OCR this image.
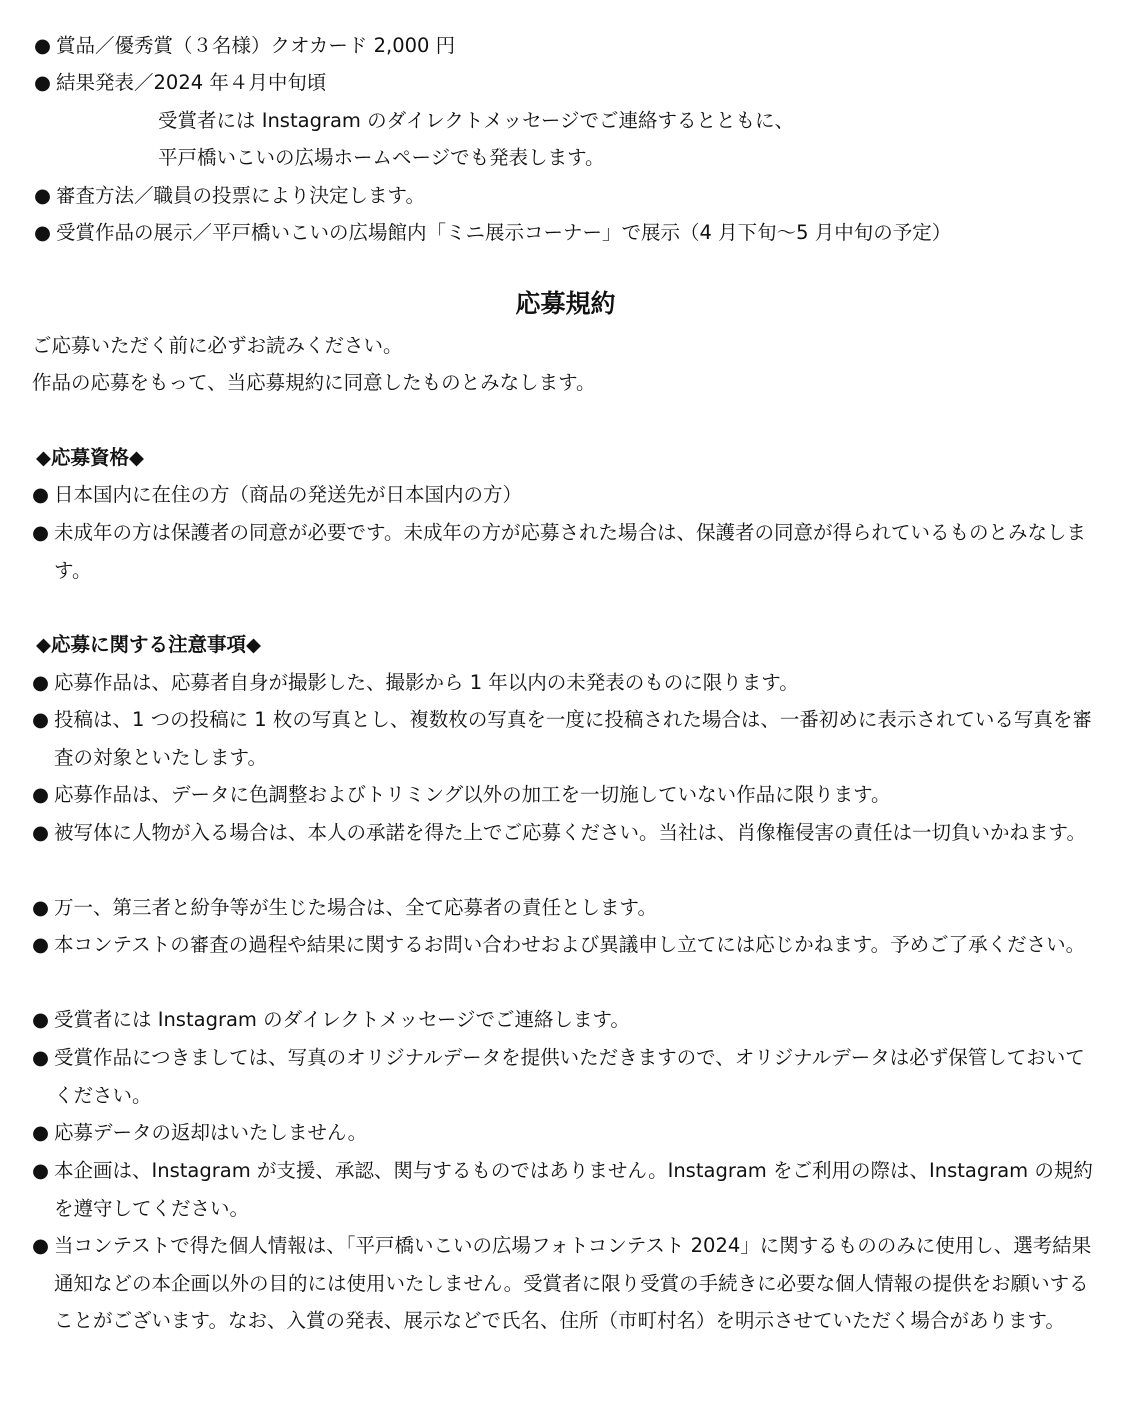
● 賞品／優秀賞（３名様）クオカード 2,000 円
● 結果発表／2024 年４月中旬頃
受賞者には Instagram のダイレクトメッセージでご連絡するとともに、
平戸橋いこいの広場ホームページでも発表します。
● 審査方法／職員の投票により決定します。
● 受賞作品の展示／平戸橋いこいの広場館内「ミニ展示コーナー」で展示（4 月下旬～5 月中旬の予定）
応募規約
ご応募いただく前に必ずお読みください。
作品の応募をもって、当応募規約に同意したものとみなします。
◆応募資格◆
● 日本国内に在住の方（商品の発送先が日本国内の方）
● 未成年の方は保護者の同意が必要です。未成年の方が応募された場合は、保護者の同意が得られているものとみなします。
◆応募に関する注意事項◆
● 応募作品は、応募者自身が撮影した、撮影から 1 年以内の未発表のものに限ります。
● 投稿は、1 つの投稿に 1 枚の写真とし、複数枚の写真を一度に投稿された場合は、一番初めに表示されている写真を審査の対象といたします。
● 応募作品は、データに色調整およびトリミング以外の加工を一切施していない作品に限ります。
● 被写体に人物が入る場合は、本人の承諾を得た上でご応募ください。当社は、肖像権侵害の責任は一切負いかねます。
● 万一、第三者と紛争等が生じた場合は、全て応募者の責任とします。
● 本コンテストの審査の過程や結果に関するお問い合わせおよび異議申し立てには応じかねます。予めご了承ください。
● 受賞者には Instagram のダイレクトメッセージでご連絡します。
● 受賞作品につきましては、写真のオリジナルデータを提供いただきますので、オリジナルデータは必ず保管しておいてください。
● 応募データの返却はいたしません。
● 本企画は、Instagram が支援、承認、関与するものではありません。Instagram をご利用の際は、Instagram の規約を遵守してください。
● 当コンテストで得た個人情報は、「平戸橋いこいの広場フォトコンテスト 2024」に関するもののみに使用し、選考結果通知などの本企画以外の目的には使用いたしません。受賞者に限り受賞の手続きに必要な個人情報の提供をお願いすることがございます。なお、入賞の発表、展示などで氏名、住所（市町村名）を明示させていただく場合があります。
